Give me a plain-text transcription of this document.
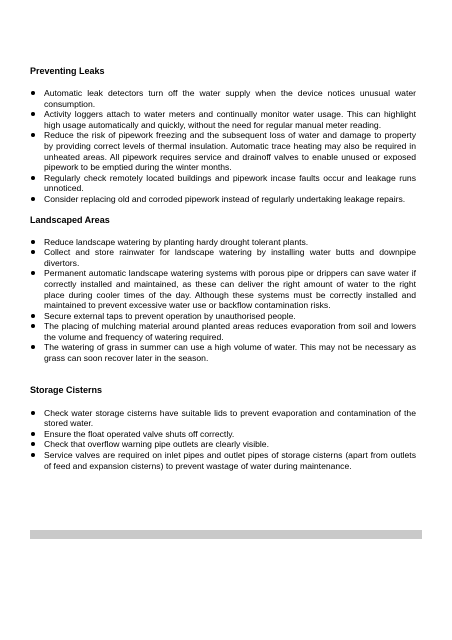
Preventing Leaks

Automatic leak detectors turn off the water supply when the device notices unusual water consumption.
Activity loggers attach to water meters and continually monitor water usage. This can highlight high usage automatically and quickly, without the need for regular manual meter reading.
Reduce the risk of pipework freezing and the subsequent loss of water and damage to property by providing correct levels of thermal insulation. Automatic trace heating may also be required in unheated areas. All pipework requires service and drainoff valves to enable unused or exposed pipework to be emptied during the winter months.
Regularly check remotely located buildings and pipework incase faults occur and leakage runs unnoticed.
Consider replacing old and corroded pipework instead of regularly undertaking leakage repairs.

Landscaped Areas

Reduce landscape watering by planting hardy drought tolerant plants.
Collect and store rainwater for landscape watering by installing water butts and downpipe divertors.
Permanent automatic landscape watering systems with porous pipe or drippers can save water if correctly installed and maintained, as these can deliver the right amount of water to the right place during cooler times of the day. Although these systems must be correctly installed and maintained to prevent excessive water use or backflow contamination risks.
Secure external taps to prevent operation by unauthorised people.
The placing of mulching material around planted areas reduces evaporation from soil and lowers the volume and frequency of watering required.
The watering of grass in summer can use a high volume of water. This may not be necessary as grass can soon recover later in the season.

Storage Cisterns

Check water storage cisterns have suitable lids to prevent evaporation and contamination of the stored water.
Ensure the float operated valve shuts off correctly.
Check that overflow warning pipe outlets are clearly visible.
Service valves are required on inlet pipes and outlet pipes of storage cisterns (apart from outlets of feed and expansion cisterns) to prevent wastage of water during maintenance.
